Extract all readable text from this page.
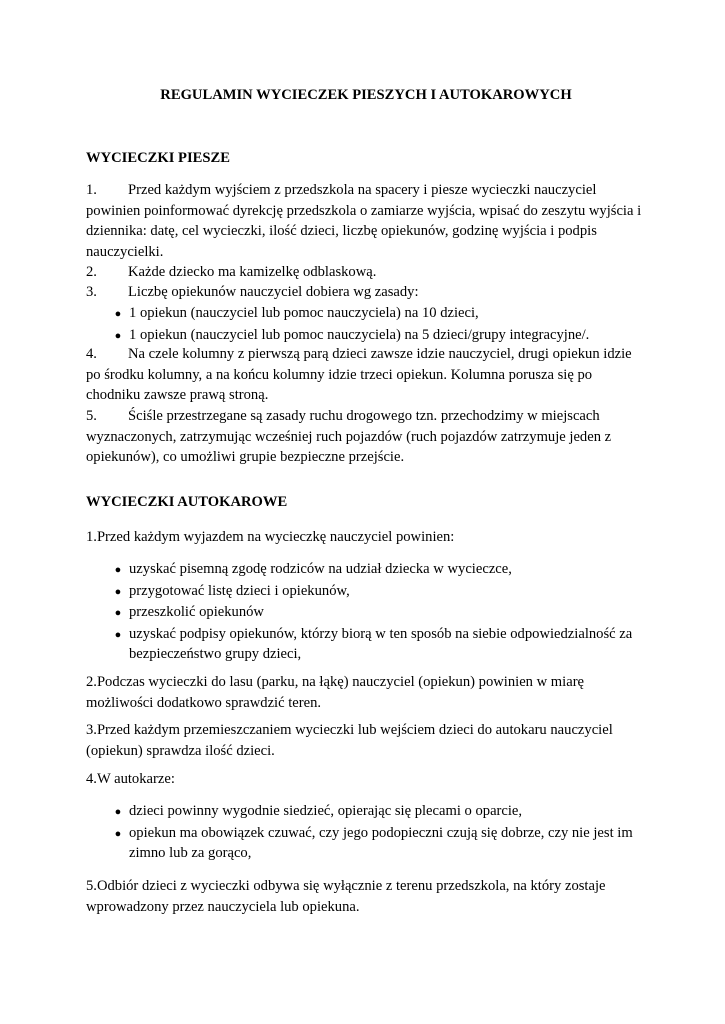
REGULAMIN WYCIECZEK PIESZYCH I AUTOKAROWYCH
WYCIECZKI PIESZE

1. Przed każdym wyjściem z przedszkola na spacery i piesze wycieczki nauczyciel powinien poinformować dyrekcję przedszkola o zamiarze wyjścia, wpisać do zeszytu wyjścia i dziennika: datę, cel wycieczki, ilość dzieci, liczbę opiekunów, godzinę wyjścia i podpis nauczycielki.

2. Każde dziecko ma kamizelkę odblaskową.

3. Liczbę opiekunów nauczyciel dobiera wg zasady:

● 1 opiekun (nauczyciel lub pomoc nauczyciela) na 10 dzieci,
● 1 opiekun (nauczyciel lub pomoc nauczyciela) na 5 dzieci/grupy integracyjne/.

4. Na czele kolumny z pierwszą parą dzieci zawsze idzie nauczyciel, drugi opiekun idzie po środku kolumny, a na końcu kolumny idzie trzeci opiekun. Kolumna porusza się po chodniku zawsze prawą stroną.

5. Ściśle przestrzegane są zasady ruchu drogowego tzn. przechodzimy w miejscach wyznaczonych, zatrzymując wcześniej ruch pojazdów (ruch pojazdów zatrzymuje jeden z opiekunów), co umożliwi grupie bezpieczne przejście.

WYCIECZKI AUTOKAROWE

1.Przed każdym wyjazdem na wycieczkę nauczyciel powinien:

● uzyskać pisemną zgodę rodziców na udział dziecka w wycieczce,
● przygotować listę dzieci i opiekunów,
● przeszkolić opiekunów
● uzyskać podpisy opiekunów, którzy biorą w ten sposób na siebie odpowiedzialność za bezpieczeństwo grupy dzieci,

2.Podczas wycieczki do lasu (parku, na łąkę) nauczyciel (opiekun) powinien w miarę możliwości dodatkowo sprawdzić teren.

3.Przed każdym przemieszczaniem wycieczki lub wejściem dzieci do autokaru nauczyciel (opiekun) sprawdza ilość dzieci.

4.W autokarze:

● dzieci powinny wygodnie siedzieć, opierając się plecami o oparcie,
● opiekun ma obowiązek czuwać, czy jego podopieczni czują się dobrze, czy nie jest im zimno lub za gorąco,

5.Odbiór dzieci z wycieczki odbywa się wyłącznie z terenu przedszkola, na który zostaje wprowadzony przez nauczyciela lub opiekuna.
